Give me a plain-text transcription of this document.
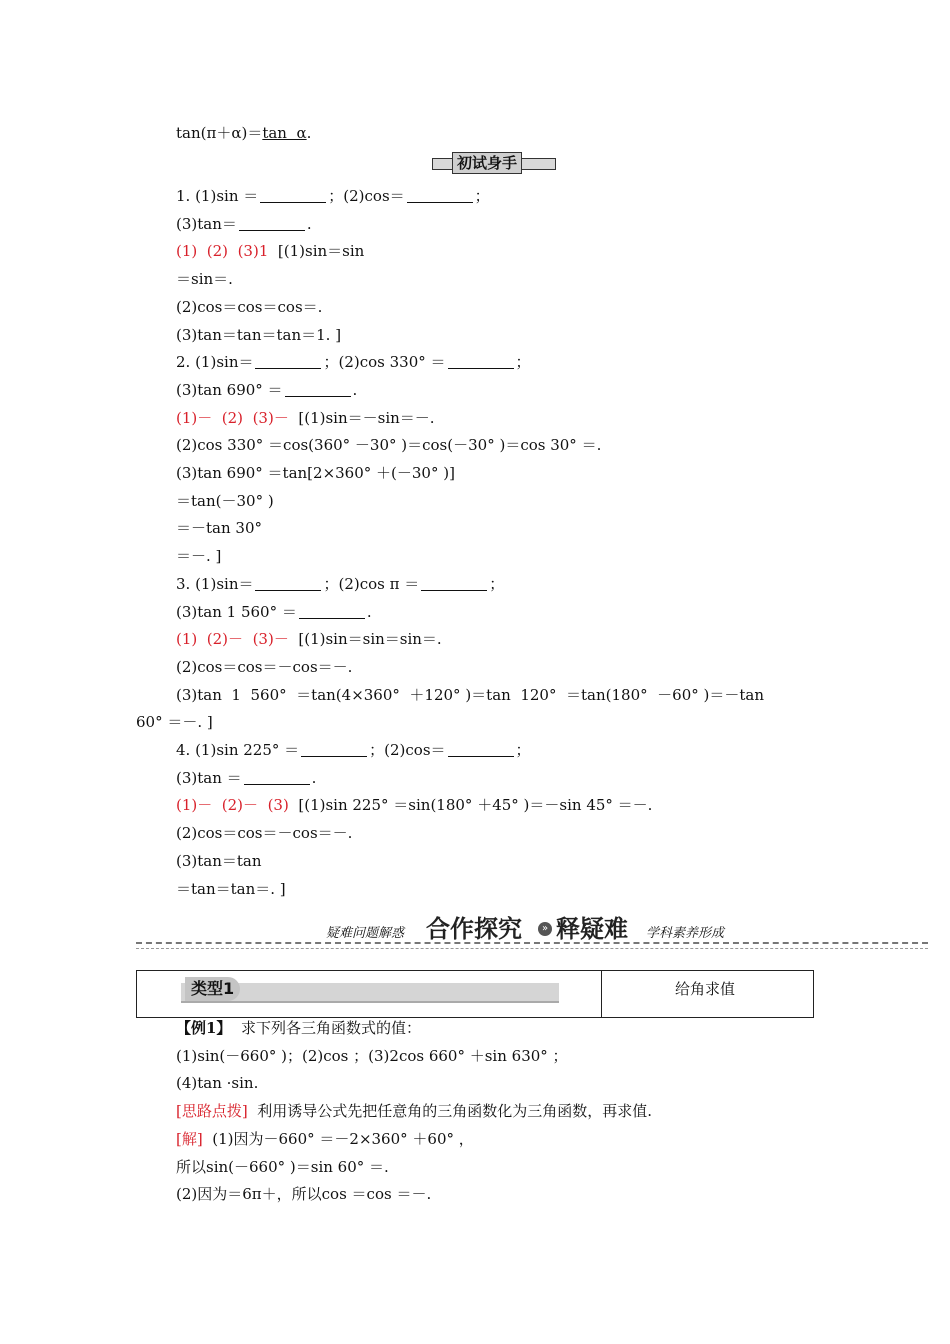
tan(π＋α)＝tan  α.
初试身手
1. (1)sin ＝	；(2)cos＝	；
(3)tan＝	.
(1)  (2)  (3)1  [(1)sin＝sin
＝sin＝.
(2)cos＝cos＝cos＝.
(3)tan＝tan＝tan＝1. ]
2. (1)sin＝	；(2)cos 330° ＝	；
(3)tan 690° ＝	.
(1)－  (2)  (3)－  [(1)sin＝－sin＝－.
(2)cos 330° ＝cos(360° －30° )＝cos(－30° )＝cos 30° ＝.
(3)tan 690° ＝tan[2×360° ＋(－30° )]
＝tan(－30° )
＝－tan 30°
＝－. ]
3. (1)sin＝	；(2)cos π ＝	；
(3)tan 1 560° ＝	.
(1)  (2)－  (3)－  [(1)sin＝sin＝sin＝.
(2)cos＝cos＝－cos＝－.
(3)tan  1  560°  ＝tan(4×360°  ＋120° )＝tan  120°  ＝tan(180°  －60° )＝－tan
60° ＝－. ]
4. (1)sin 225° ＝	；(2)cos＝	；
(3)tan ＝	.
(1)－  (2)－  (3)  [(1)sin 225° ＝sin(180° ＋45° )＝－sin 45° ＝－.
(2)cos＝cos＝－cos＝－.
(3)tan＝tan
＝tan＝tan＝. ]
疑难问题解惑 合作探究	» 释疑难 学科素养形成
类型1	给角求值
【例1】  求下列各三角函数式的值：
(1)sin(－660° )；(2)cos ；(3)2cos 660° ＋sin 630° ；
(4)tan ·sin.
[思路点拨]  利用诱导公式先把任意角的三角函数化为三角函数，再求值.
[解]  (1)因为－660° ＝－2×360° ＋60° ，
所以sin(－660° )＝sin 60° ＝.
(2)因为＝6π＋，所以cos ＝cos ＝－.
